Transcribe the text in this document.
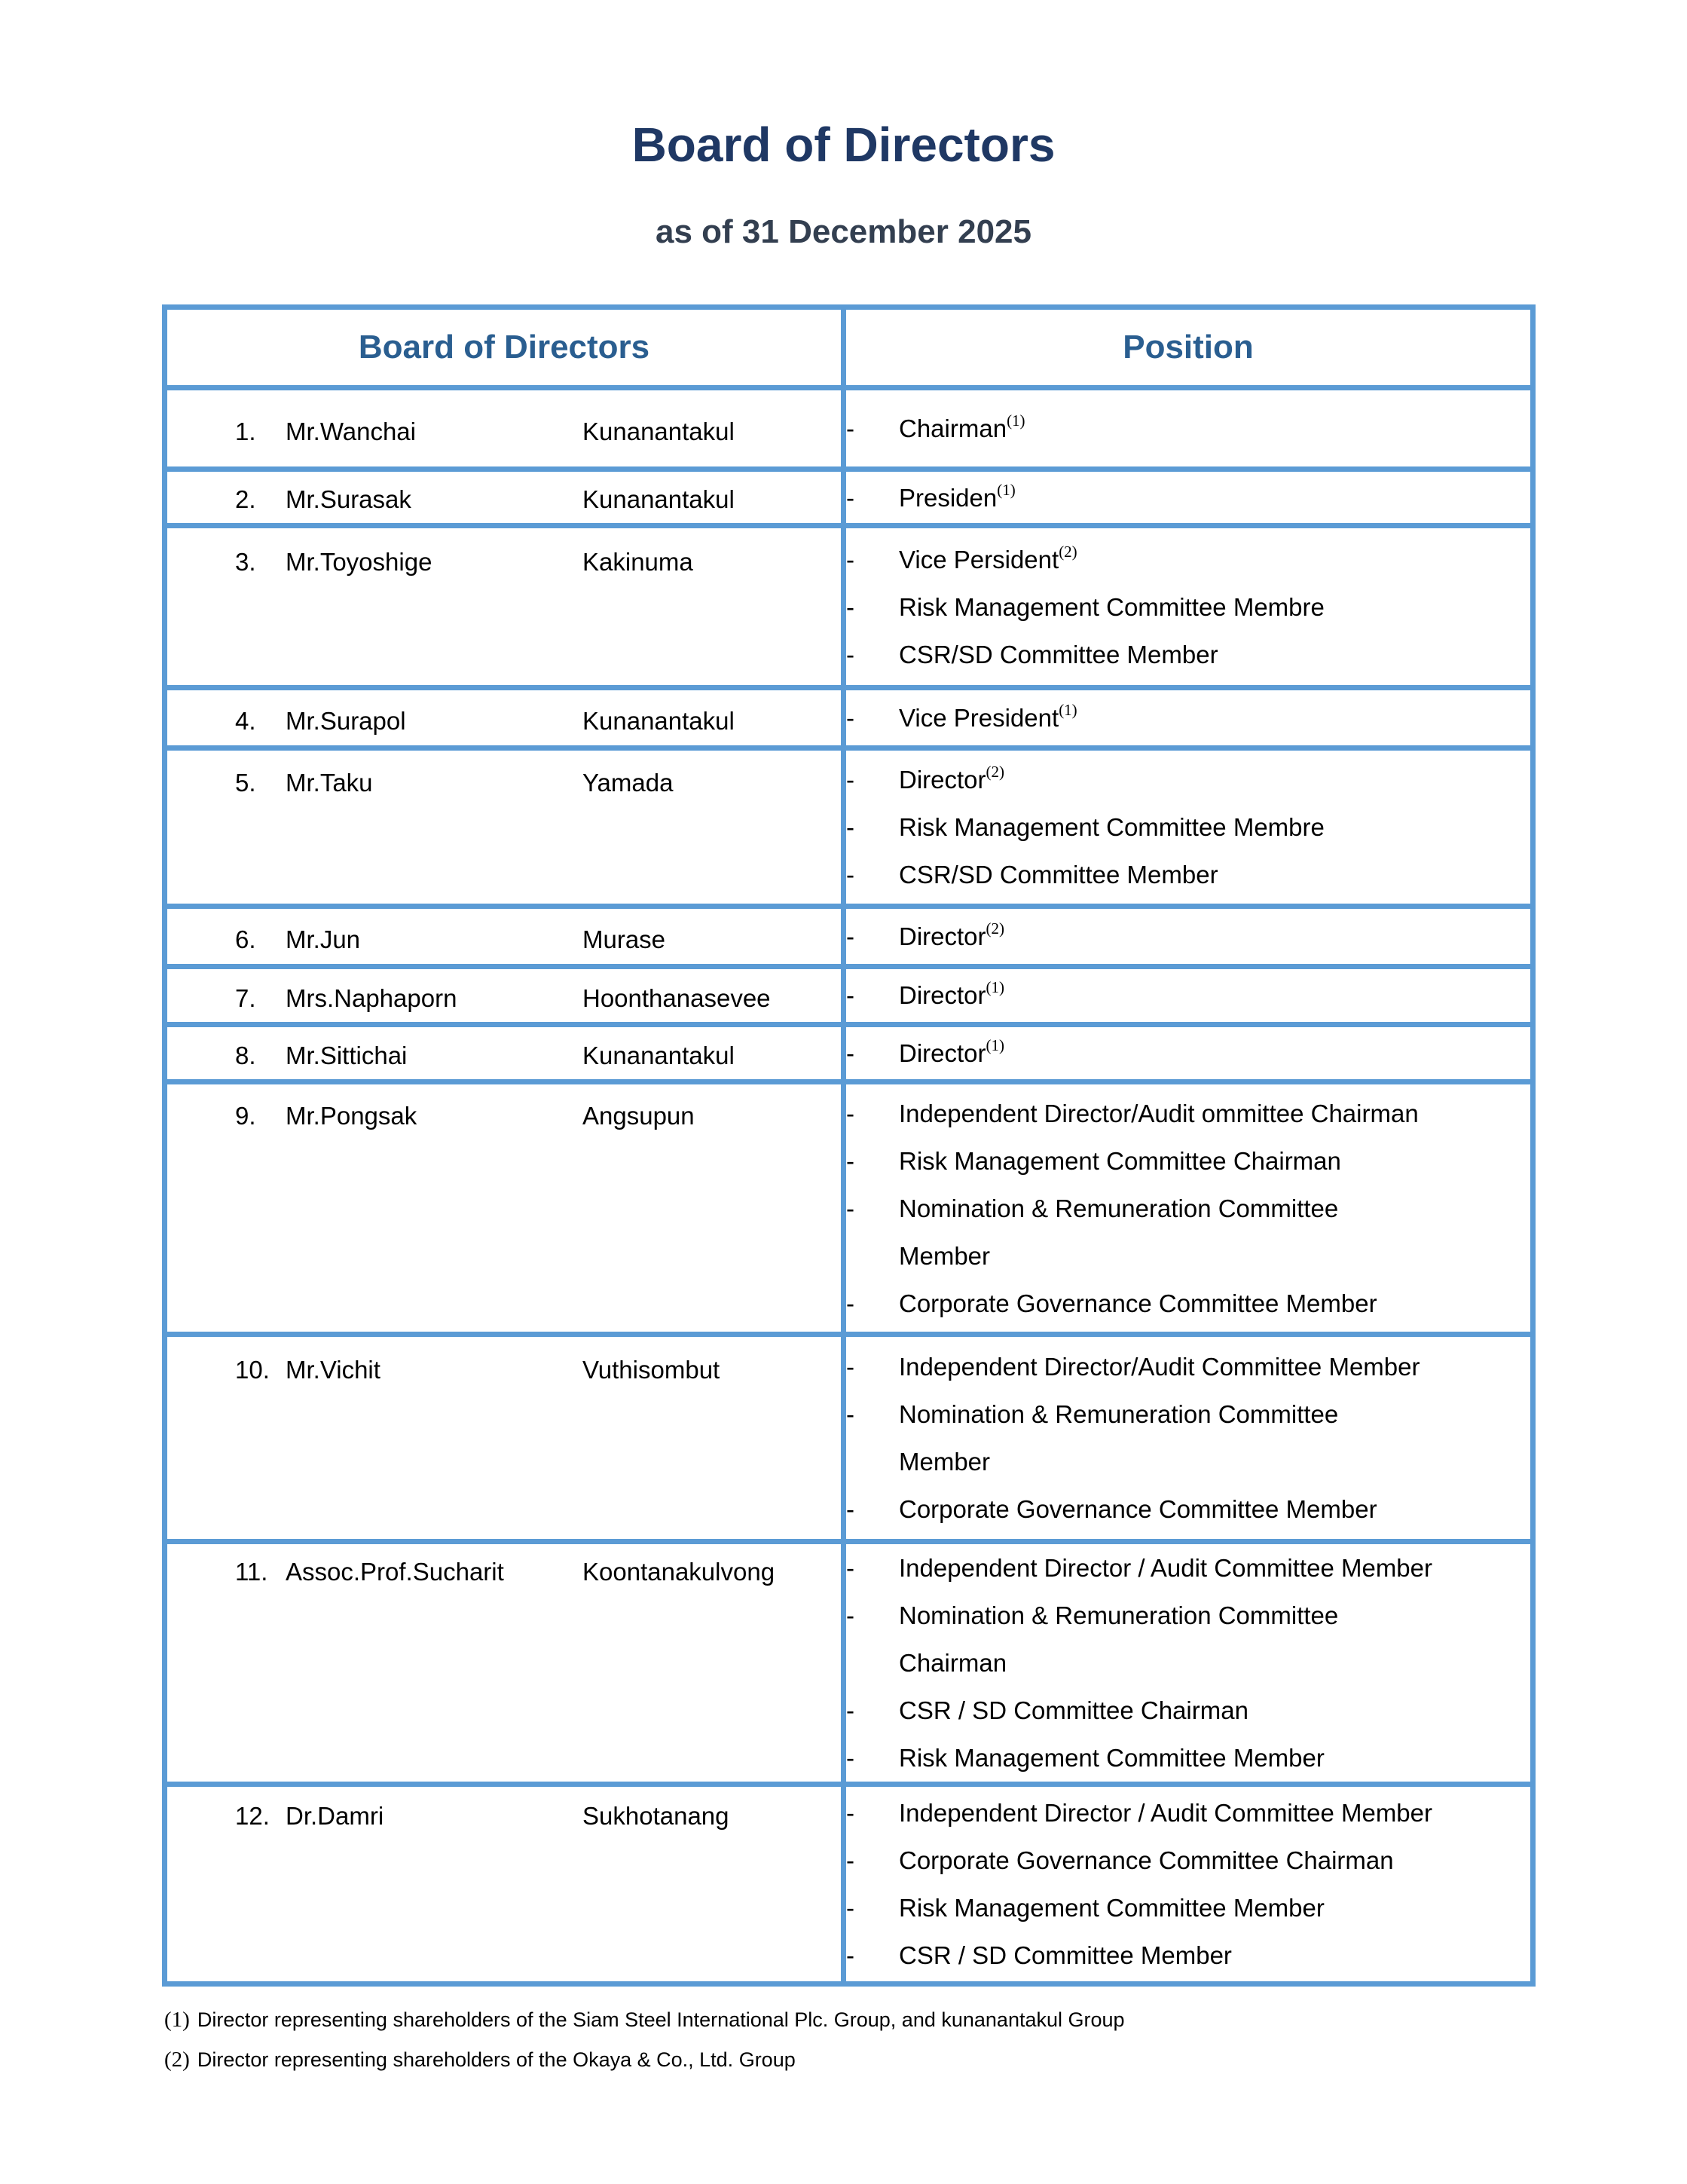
Board of Directors
as of 31 December 2025
Board of Directors	Position

1. Mr.Wanchai Kunanantakul	- Chairman$^{(1)}$

2. Mr.Surasak Kunanantakul	- Presiden$^{(1)}$

3.	Mr.Toyoshige	Kakinuma	-	Vice Persident$^{(2)}$
-	Risk Management Committee Membre
-	CSR/SD Committee Member

4. Mr.Surapol Kunanantakul	- Vice President$^{(1)}$

5.	Mr.Taku	Yamada	-	Director$^{(2)}$
-	Risk Management Committee Membre
-	CSR/SD Committee Member

6. Mr.Jun Murase	- Director$^{(2)}$

7. Mrs.Naphaporn Hoonthanasevee	- Director$^{(1)}$

8. Mr.Sittichai Kunanantakul	- Director$^{(1)}$

9.	Mr.Pongsak	Angsupun	-	Independent Director/Audit ommittee Chairman
-	Risk Management Committee Chairman
-	Nomination & Remuneration Committee
Member
-	Corporate Governance Committee Member

10. Mr.Vichit	Vuthisombut	-	Independent Director/Audit Committee Member
-	Nomination & Remuneration Committee
Member
-	Corporate Governance Committee Member

11. Assoc.Prof.Sucharit	Koontanakulvong	-	Independent Director / Audit Committee Member
-	Nomination & Remuneration Committee
Chairman
-	CSR / SD Committee Chairman
-	Risk Management Committee Member

12. Dr.Damri	Sukhotanang	-	Independent Director / Audit Committee Member
-	Corporate Governance Committee Chairman
-	Risk Management Committee Member
-	CSR / SD Committee Member
(1) Director representing shareholders of the Siam Steel International Plc. Group, and kunanantakul Group
(2) Director representing shareholders of the Okaya & Co., Ltd. Group
